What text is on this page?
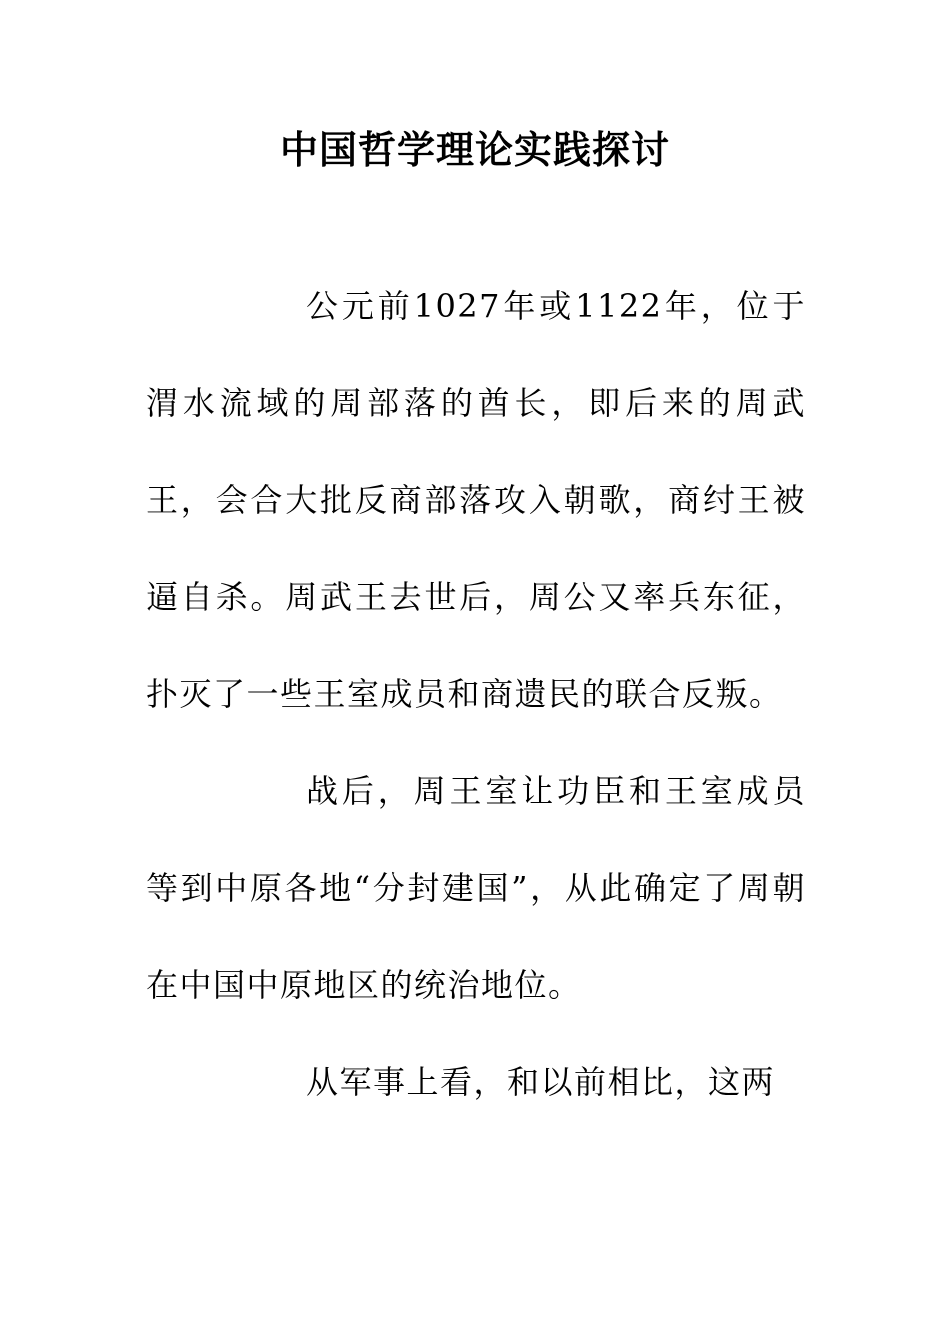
中国哲学理论实践探讨

公元前1027年或1122年，位于渭水流域的周部落的酋长，即后来的周武王，会合大批反商部落攻入朝歌，商纣王被逼自杀。周武王去世后，周公又率兵东征，扑灭了一些王室成员和商遗民的联合反叛。

战后，周王室让功臣和王室成员等到中原各地“分封建国”，从此确定了周朝在中国中原地区的统治地位。

从军事上看，和以前相比，这两
